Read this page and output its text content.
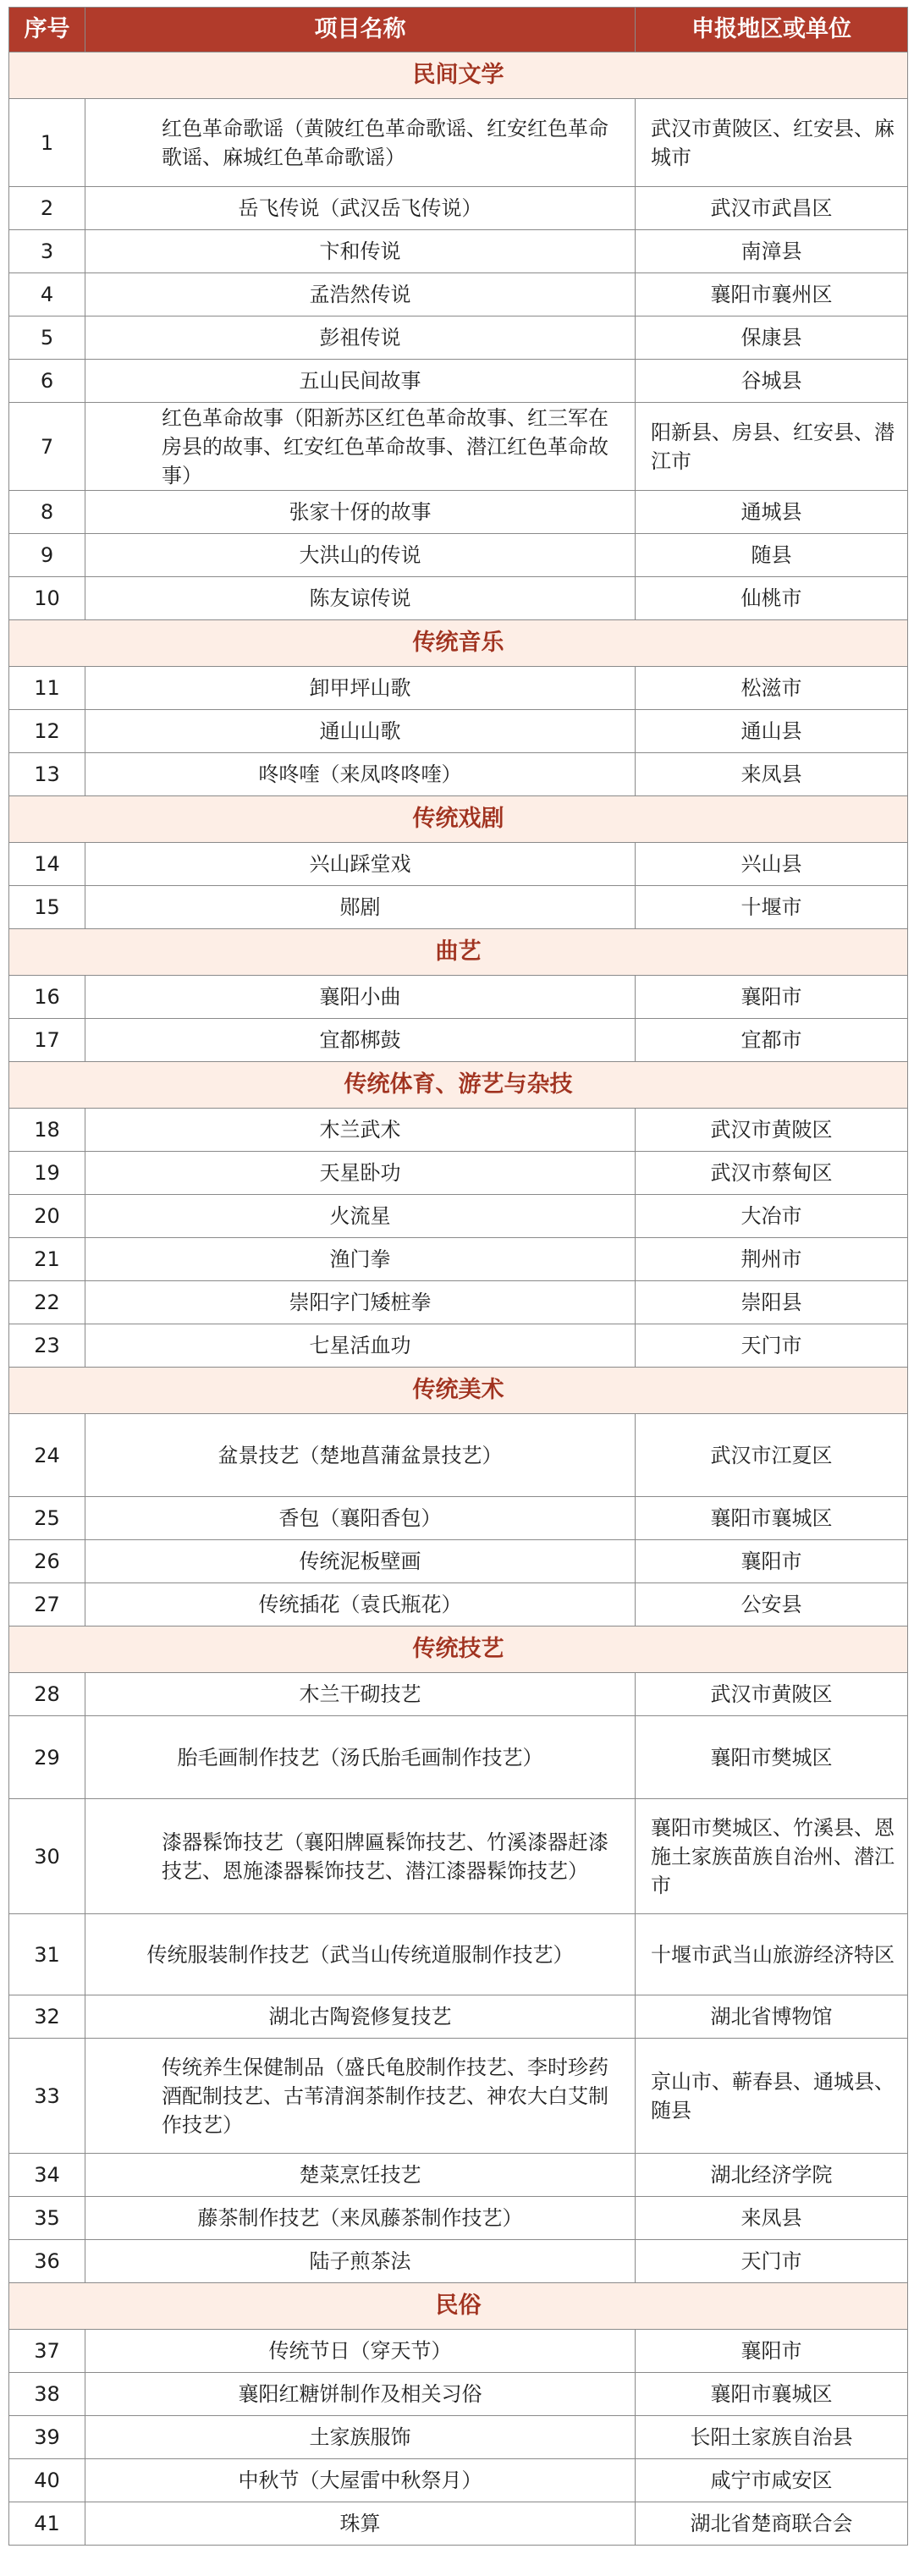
序号	项目名称	申报地区或单位
民间文学		
1	红色革命歌谣（黄陂红色革命歌谣、红安红色革命歌谣、麻城红色革命歌谣）	武汉市黄陂区、红安县、麻城市
2	岳飞传说（武汉岳飞传说）	武汉市武昌区
3	卞和传说	南漳县
4	孟浩然传说	襄阳市襄州区
5	彭祖传说	保康县
6	五山民间故事	谷城县
7	红色革命故事（阳新苏区红色革命故事、红三军在房县的故事、红安红色革命故事、潜江红色革命故事）	阳新县、房县、红安县、潜江市
8	张家十伢的故事	通城县
9	大洪山的传说	随县
10	陈友谅传说	仙桃市
传统音乐		
11	卸甲坪山歌	松滋市
12	通山山歌	通山县
13	咚咚喹（来凤咚咚喹）	来凤县
传统戏剧		
14	兴山踩堂戏	兴山县
15	郧剧	十堰市
曲艺		
16	襄阳小曲	襄阳市
17	宜都梆鼓	宜都市
传统体育、游艺与杂技		
18	木兰武术	武汉市黄陂区
19	天星卧功	武汉市蔡甸区
20	火流星	大冶市
21	渔门拳	荆州市
22	崇阳字门矮桩拳	崇阳县
23	七星活血功	天门市
传统美术		
24	盆景技艺（楚地菖蒲盆景技艺）	武汉市江夏区
25	香包（襄阳香包）	襄阳市襄城区
26	传统泥板壁画	襄阳市
27	传统插花（袁氏瓶花）	公安县
传统技艺		
28	木兰干砌技艺	武汉市黄陂区
29	胎毛画制作技艺（汤氏胎毛画制作技艺）	襄阳市樊城区
30	漆器髹饰技艺（襄阳牌匾髹饰技艺、竹溪漆器赶漆技艺、恩施漆器髹饰技艺、潜江漆器髹饰技艺）	襄阳市樊城区、竹溪县、恩施土家族苗族自治州、潜江市
31	传统服装制作技艺（武当山传统道服制作技艺）	十堰市武当山旅游经济特区
32	湖北古陶瓷修复技艺	湖北省博物馆
33	传统养生保健制品（盛氏龟胶制作技艺、李时珍药酒配制技艺、古苇清润茶制作技艺、神农大白艾制作技艺）	京山市、蕲春县、通城县、随县
34	楚菜烹饪技艺	湖北经济学院
35	藤茶制作技艺（来凤藤茶制作技艺）	来凤县
36	陆子煎茶法	天门市
民俗		
37	传统节日（穿天节）	襄阳市
38	襄阳红糖饼制作及相关习俗	襄阳市襄城区
39	土家族服饰	长阳土家族自治县
40	中秋节（大屋雷中秋祭月）	咸宁市咸安区
41	珠算	湖北省楚商联合会
